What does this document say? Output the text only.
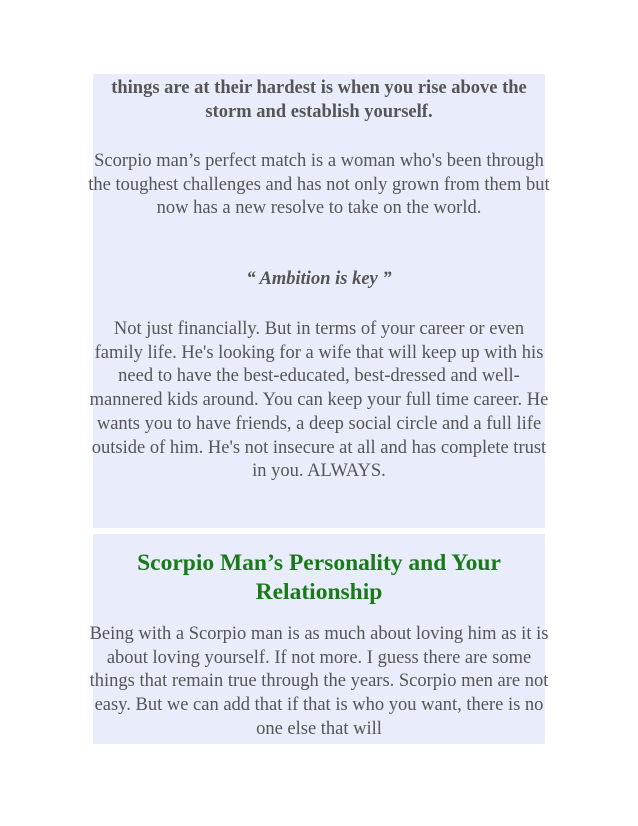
things are at their hardest is when you rise above the storm and establish yourself.

Scorpio man’s perfect match is a woman who's been through the toughest challenges and has not only grown from them but now has a new resolve to take on the world.

“ Ambition is key ”

Not just financially. But in terms of your career or even family life. He's looking for a wife that will keep up with his need to have the best-educated, best-dressed and well-mannered kids around. You can keep your full time career. He wants you to have friends, a deep social circle and a full life outside of him. He's not insecure at all and has complete trust in you. ALWAYS.

Scorpio Man’s Personality and Your Relationship

Being with a Scorpio man is as much about loving him as it is about loving yourself. If not more. I guess there are some things that remain true through the years. Scorpio men are not easy. But we can add that if that is who you want, there is no one else that will
